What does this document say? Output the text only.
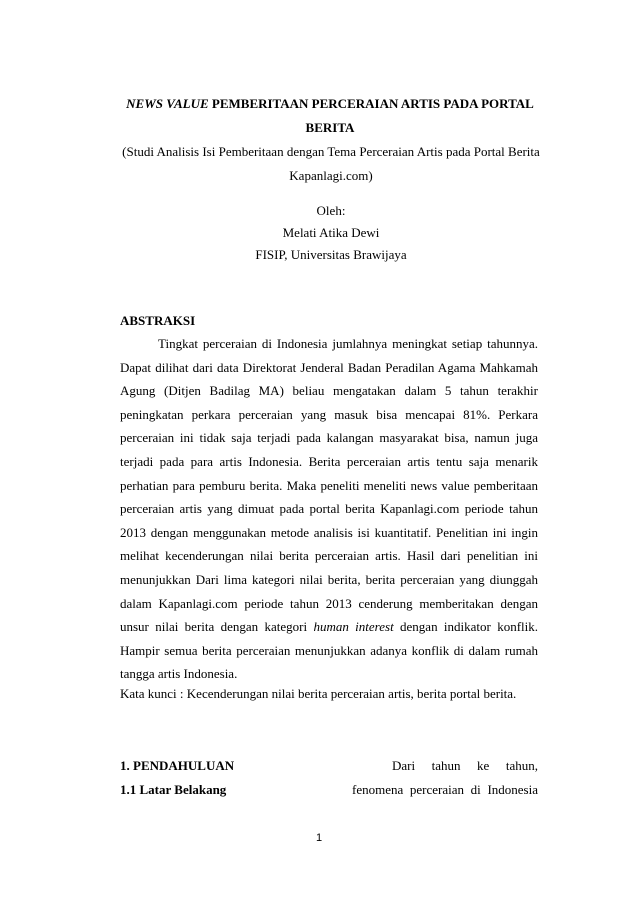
NEWS VALUE PEMBERITAAN PERCERAIAN ARTIS PADA PORTAL BERITA
(Studi Analisis Isi Pemberitaan dengan Tema Perceraian Artis pada Portal Berita Kapanlagi.com)
Oleh:
Melati Atika Dewi
FISIP, Universitas Brawijaya
ABSTRAKSI
Tingkat perceraian di Indonesia jumlahnya meningkat setiap tahunnya. Dapat dilihat dari data Direktorat Jenderal Badan Peradilan Agama Mahkamah Agung (Ditjen Badilag MA) beliau mengatakan dalam 5 tahun terakhir peningkatan perkara perceraian yang masuk bisa mencapai 81%. Perkara perceraian ini tidak saja terjadi pada kalangan masyarakat bisa, namun juga terjadi pada para artis Indonesia. Berita perceraian artis tentu saja menarik perhatian para pemburu berita. Maka peneliti meneliti news value pemberitaan perceraian artis yang dimuat pada portal berita Kapanlagi.com periode tahun 2013 dengan menggunakan metode analisis isi kuantitatif. Penelitian ini ingin melihat kecenderungan nilai berita perceraian artis. Hasil dari penelitian ini menunjukkan Dari lima kategori nilai berita, berita perceraian yang diunggah dalam Kapanlagi.com periode tahun 2013 cenderung memberitakan dengan unsur nilai berita dengan kategori human interest dengan indikator konflik. Hampir semua berita perceraian menunjukkan adanya konflik di dalam rumah tangga artis Indonesia.
Kata kunci : Kecenderungan nilai berita perceraian artis, berita portal berita.
1. PENDAHULUAN
1.1 Latar Belakang
Dari tahun ke tahun,
fenomena perceraian di Indonesia
1
